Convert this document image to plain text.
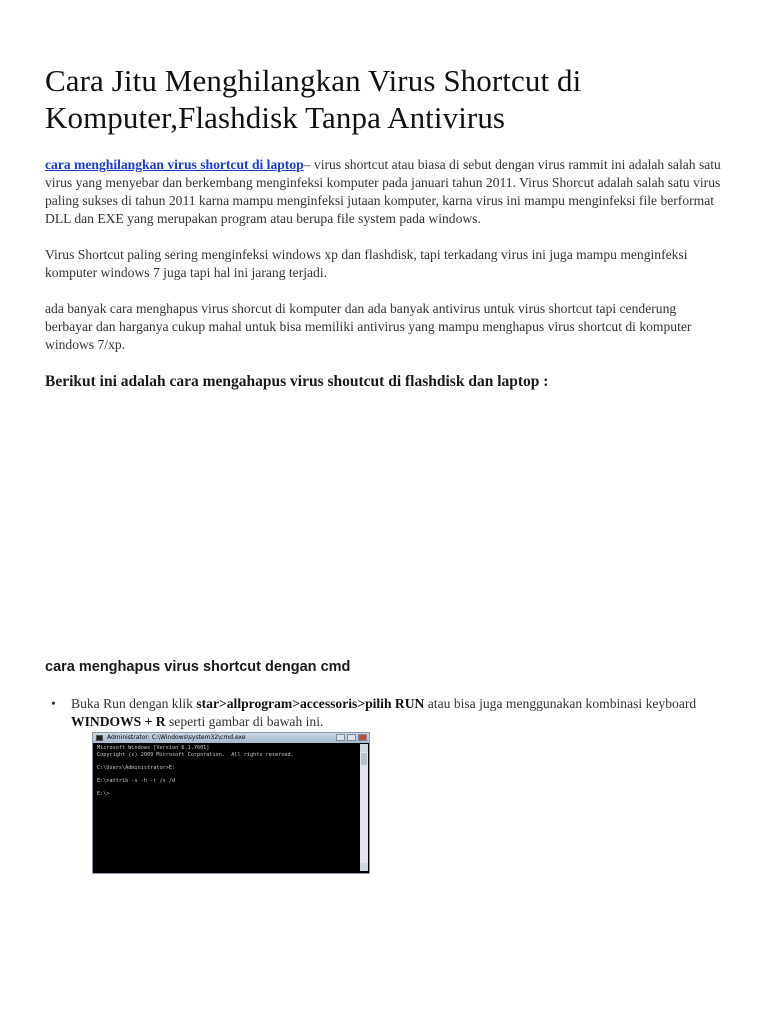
Cara Jitu Menghilangkan Virus Shortcut di Komputer,Flashdisk Tanpa Antivirus

cara menghilangkan virus shortcut di laptop– virus shortcut atau biasa di sebut dengan virus rammit ini adalah salah satu virus yang menyebar dan berkembang menginfeksi komputer pada januari tahun 2011. Virus Shorcut adalah salah satu virus paling sukses di tahun 2011 karna mampu menginfeksi jutaan komputer, karna virus ini mampu menginfeksi file berformat DLL dan EXE yang merupakan program atau berupa file system pada windows.

Virus Shortcut paling sering menginfeksi windows xp dan flashdisk, tapi terkadang virus ini juga mampu menginfeksi komputer windows 7 juga tapi hal ini jarang terjadi.

ada banyak cara menghapus virus shorcut di komputer dan ada banyak antivirus untuk virus shortcut tapi cenderung berbayar dan harganya cukup mahal untuk bisa memiliki antivirus yang mampu menghapus virus shortcut di komputer windows 7/xp.

Berikut ini adalah cara mengahapus virus shoutcut di flashdisk dan laptop :
cara menghapus virus shortcut dengan cmd
• Buka Run dengan klik star>allprogram>accessoris>pilih RUN atau bisa juga menggunakan kombinasi keyboard WINDOWS + R seperti gambar di bawah ini.
Administrator: C:\Windows\system32\cmd.exe
Microsoft Windows [Version 6.1.7601]
Copyright (c) 2009 Microsoft Corporation.  All rights reserved.

C:\Users\Administrator>E:

E:\>attrib -s -h -r /s /d

E:\>
